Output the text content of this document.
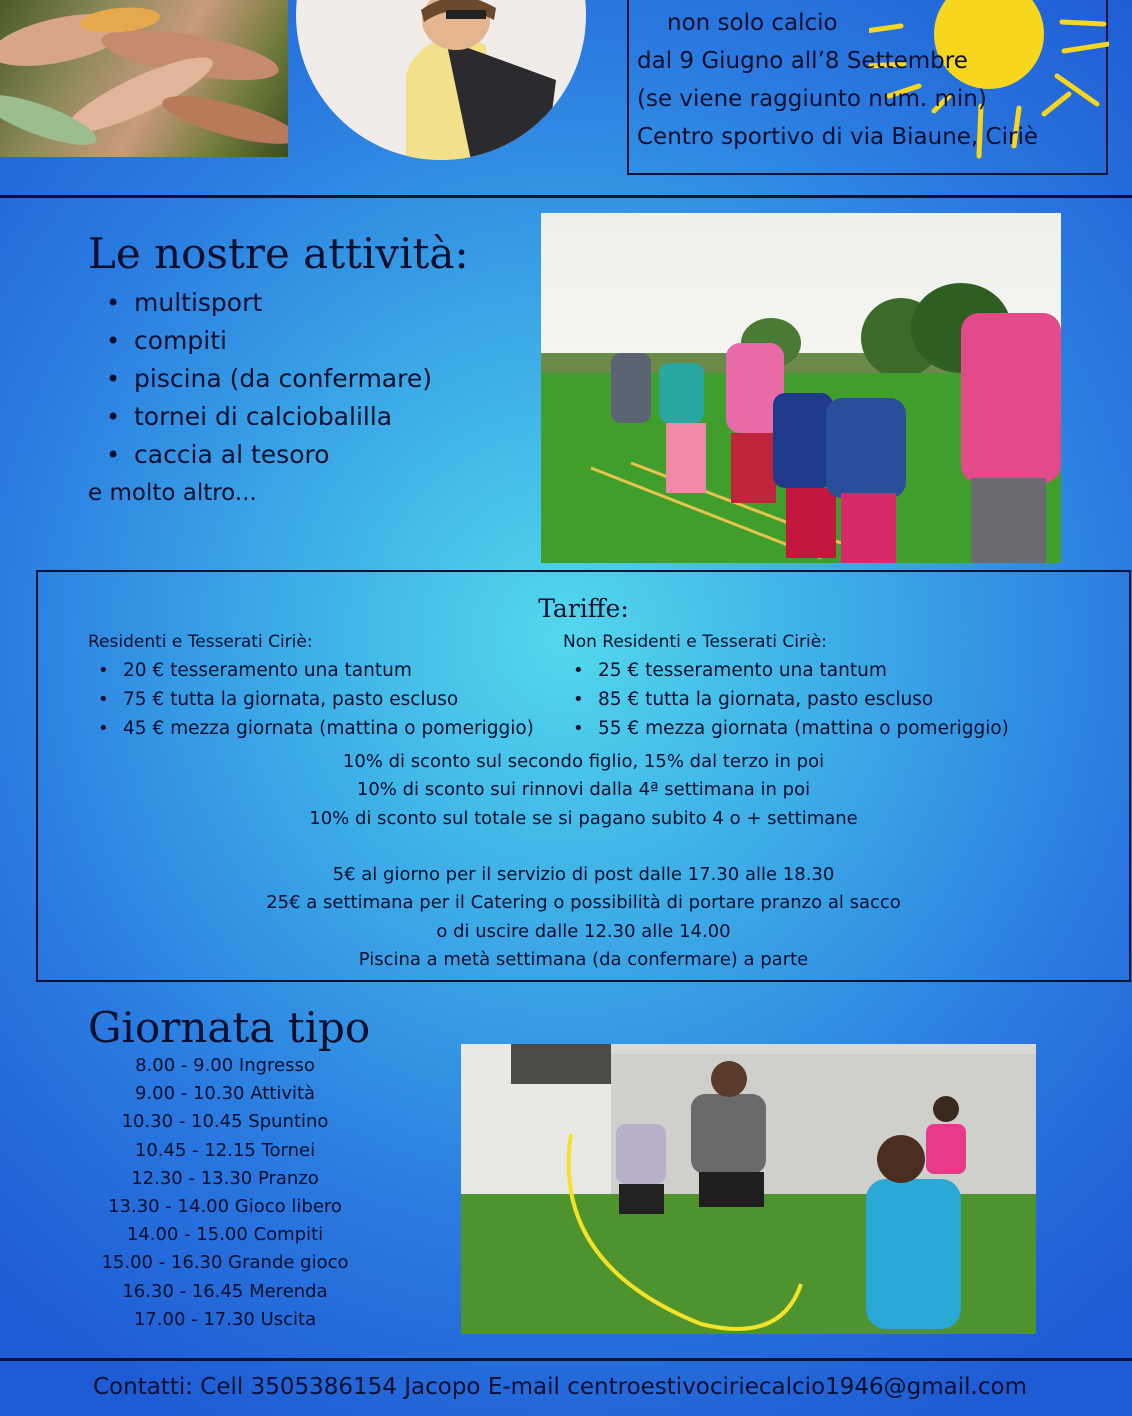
non solo calcio
dal 9 Giugno all’8 Settembre
(se viene raggiunto num. min)
Centro sportivo di via Biaune, Ciriè
Le nostre attività:
• multisport
• compiti
• piscina (da confermare)
• tornei di calciobalilla
• caccia al tesoro
e molto altro...
Tariffe:
Residenti e Tesserati Ciriè:
• 20 € tesseramento una tantum
• 75 € tutta la giornata, pasto escluso
• 45 € mezza giornata (mattina o pomeriggio)
Non Residenti e Tesserati Ciriè:
• 25 € tesseramento una tantum
• 85 € tutta la giornata, pasto escluso
• 55 € mezza giornata (mattina o pomeriggio)
10% di sconto sul secondo figlio, 15% dal terzo in poi
10% di sconto sui rinnovi dalla 4ª settimana in poi
10% di sconto sul totale se si pagano subito 4 o + settimane
5€ al giorno per il servizio di post dalle 17.30 alle 18.30
25€ a settimana per il Catering o possibilità di portare pranzo al sacco
o di uscire dalle 12.30 alle 14.00
Piscina a metà settimana (da confermare) a parte
Giornata tipo
8.00 - 9.00 Ingresso
9.00 - 10.30 Attività
10.30 - 10.45 Spuntino
10.45 - 12.15 Tornei
12.30 - 13.30 Pranzo
13.30 - 14.00 Gioco libero
14.00 - 15.00 Compiti
15.00 - 16.30 Grande gioco
16.30 - 16.45 Merenda
17.00 - 17.30 Uscita
Contatti: Cell 3505386154 Jacopo E-mail centroestivociriecalcio1946@gmail.com
